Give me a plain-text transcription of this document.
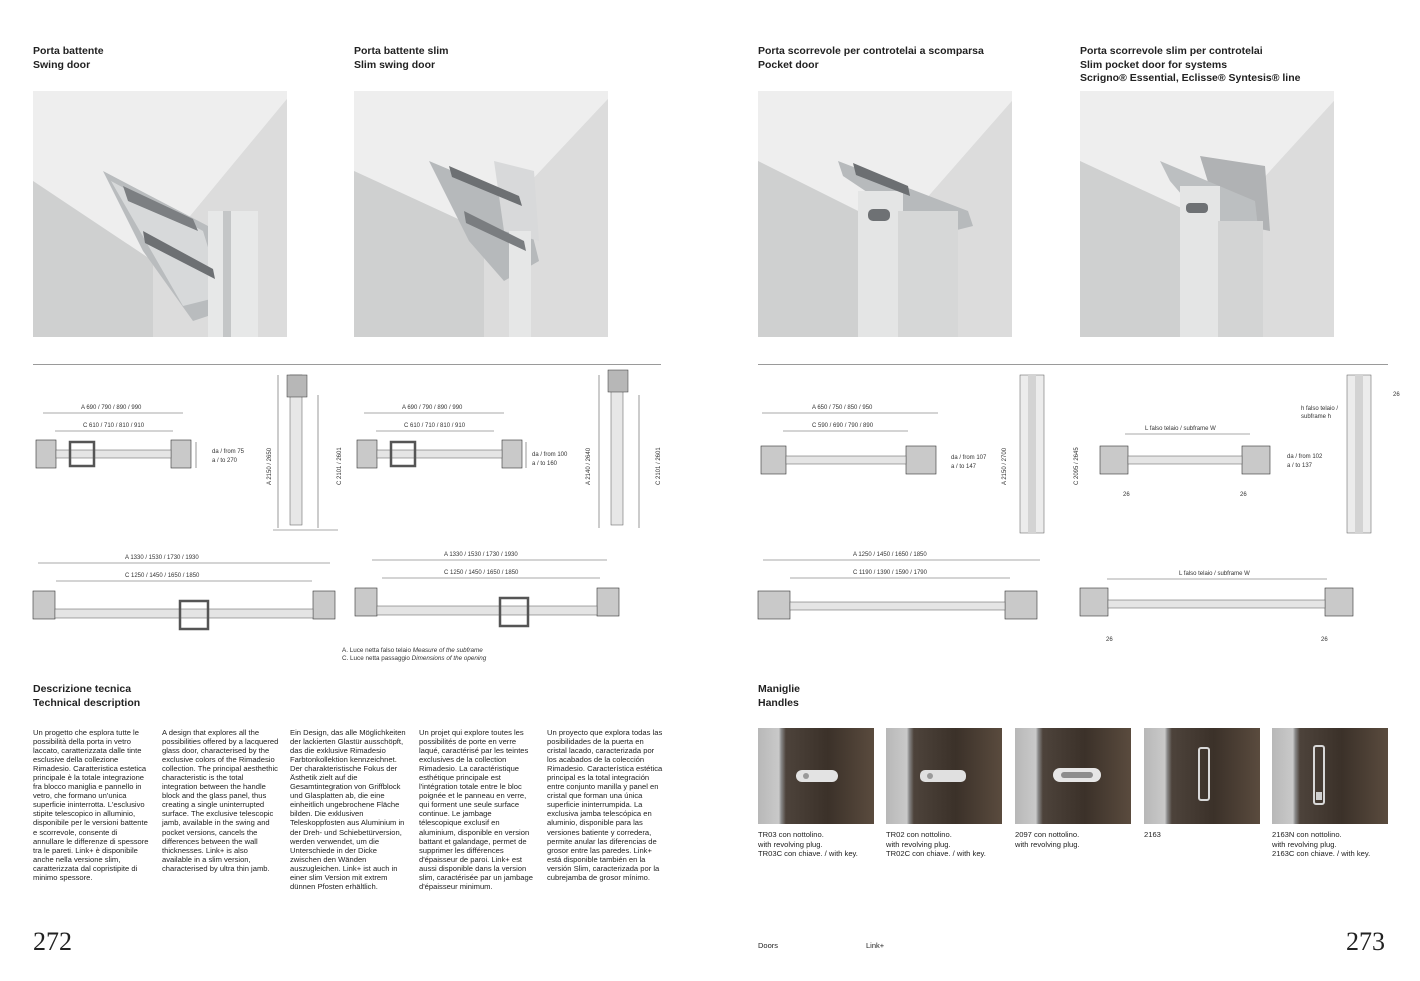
Porta battente
Swing door
Porta battente slim
Slim swing door
A 690 / 790 / 890 / 990
C 610 / 710 / 810 / 910
da / from 75
a / to 270	A 2150 / 2650	C 2101 / 2601
A 690 / 790 / 890 / 990
C 610 / 710 / 810 / 910
da / from 100
a / to 160	A 2140 / 2640	C 2101 / 2601
A 1330 / 1530 / 1730 / 1930
C 1250 / 1450 / 1650 / 1850
A 1330 / 1530 / 1730 / 1930
C 1250 / 1450 / 1650 / 1850
A. Luce netta falso telaio Measure of the subframe
C. Luce netta passaggio Dimensions of the opening
Descrizione tecnica
Technical description
Un progetto che esplora tutte le possibilità della porta in vetro laccato, caratterizzata dalle tinte esclusive della collezione Rimadesio. Caratteristica estetica principale è la totale integrazione fra blocco maniglia e pannello in vetro, che formano un'unica superficie ininterrotta. L'esclusivo stipite telescopico in alluminio, disponibile per le versioni battente e scorrevole, consente di annullare le differenze di spessore tra le pareti. Link+ è disponibile anche nella versione slim, caratterizzata dal copristipite di minimo spessore.
A design that explores all the possibilities offered by a lacquered glass door, characterised by the exclusive colors of the Rimadesio collection. The principal aesthethic characteristic is the total integration between the handle block and the glass panel, thus creating a single uninterrupted surface. The exclusive telescopic jamb, available in the swing and pocket versions, cancels the differences between the wall thicknesses. Link+ is also available in a slim version, characterised by ultra thin jamb.
Ein Design, das alle Möglichkeiten der lackierten Glastür ausschöpft, das die exklusive Rimadesio Farbtonkollektion kennzeichnet. Der charakteristische Fokus der Ästhetik zielt auf die Gesamtintegration von Griffblock und Glasplatten ab, die eine einheitlich ungebrochene Fläche bilden. Die exklusiven Teleskoppfosten aus Aluminium in der Dreh- und Schiebetürversion, werden verwendet, um die Unterschiede in der Dicke zwischen den Wänden auszugleichen. Link+ ist auch in einer slim Version mit extrem dünnen Pfosten erhältlich.
Un projet qui explore toutes les possibilités de porte en verre laqué, caractérisé par les teintes exclusives de la collection Rimadesio. La caractéristique esthétique principale est l'intégration totale entre le bloc poignée et le panneau en verre, qui forment une seule surface continue. Le jambage télescopique exclusif en aluminium, disponible en version battant et galandage, permet de supprimer les différences d'épaisseur de paroi. Link+ est aussi disponible dans la version slim, caractérisée par un jambage d'épaisseur minimum.
Un proyecto que explora todas las posibilidades de la puerta en cristal lacado, caracterizada por los acabados de la colección Rimadesio. Característica estética principal es la total integración entre conjunto manilla y panel en cristal que forman una única superficie ininterrumpida. La exclusiva jamba telescópica en aluminio, disponible para las versiones batiente y corredera, permite anular las diferencias de grosor entre las paredes. Link+ está disponible también en la versión Slim, caracterizada por la cubrejamba de grosor mínimo.
272
Porta scorrevole per controtelai a scomparsa
Pocket door
Porta scorrevole slim per controtelai
Slim pocket door for systems
Scrigno® Essential, Eclisse® Syntesis® line
A 650 / 750 / 850 / 950
C 590 / 690 / 790 / 890
da / from 107
a / to 147	A 2150 / 2700	C 2095 / 2645
L falso telaio / subframe W
da / from 102
a / to 137
26	26
h falso telaio /
subframe h
26
A 1250 / 1450 / 1650 / 1850
C 1190 / 1390 / 1590 / 1790	L falso telaio / subframe W
26	26
Maniglie
Handles
TR03 con nottolino.
with revolving plug.
TR03C con chiave. / with key.
TR02 con nottolino.
with revolving plug.
TR02C con chiave. / with key.
2097 con nottolino.
with revolving plug.
2163	2163N con nottolino.
with revolving plug.
2163C con chiave. / with key.
Doors	Link+	273
